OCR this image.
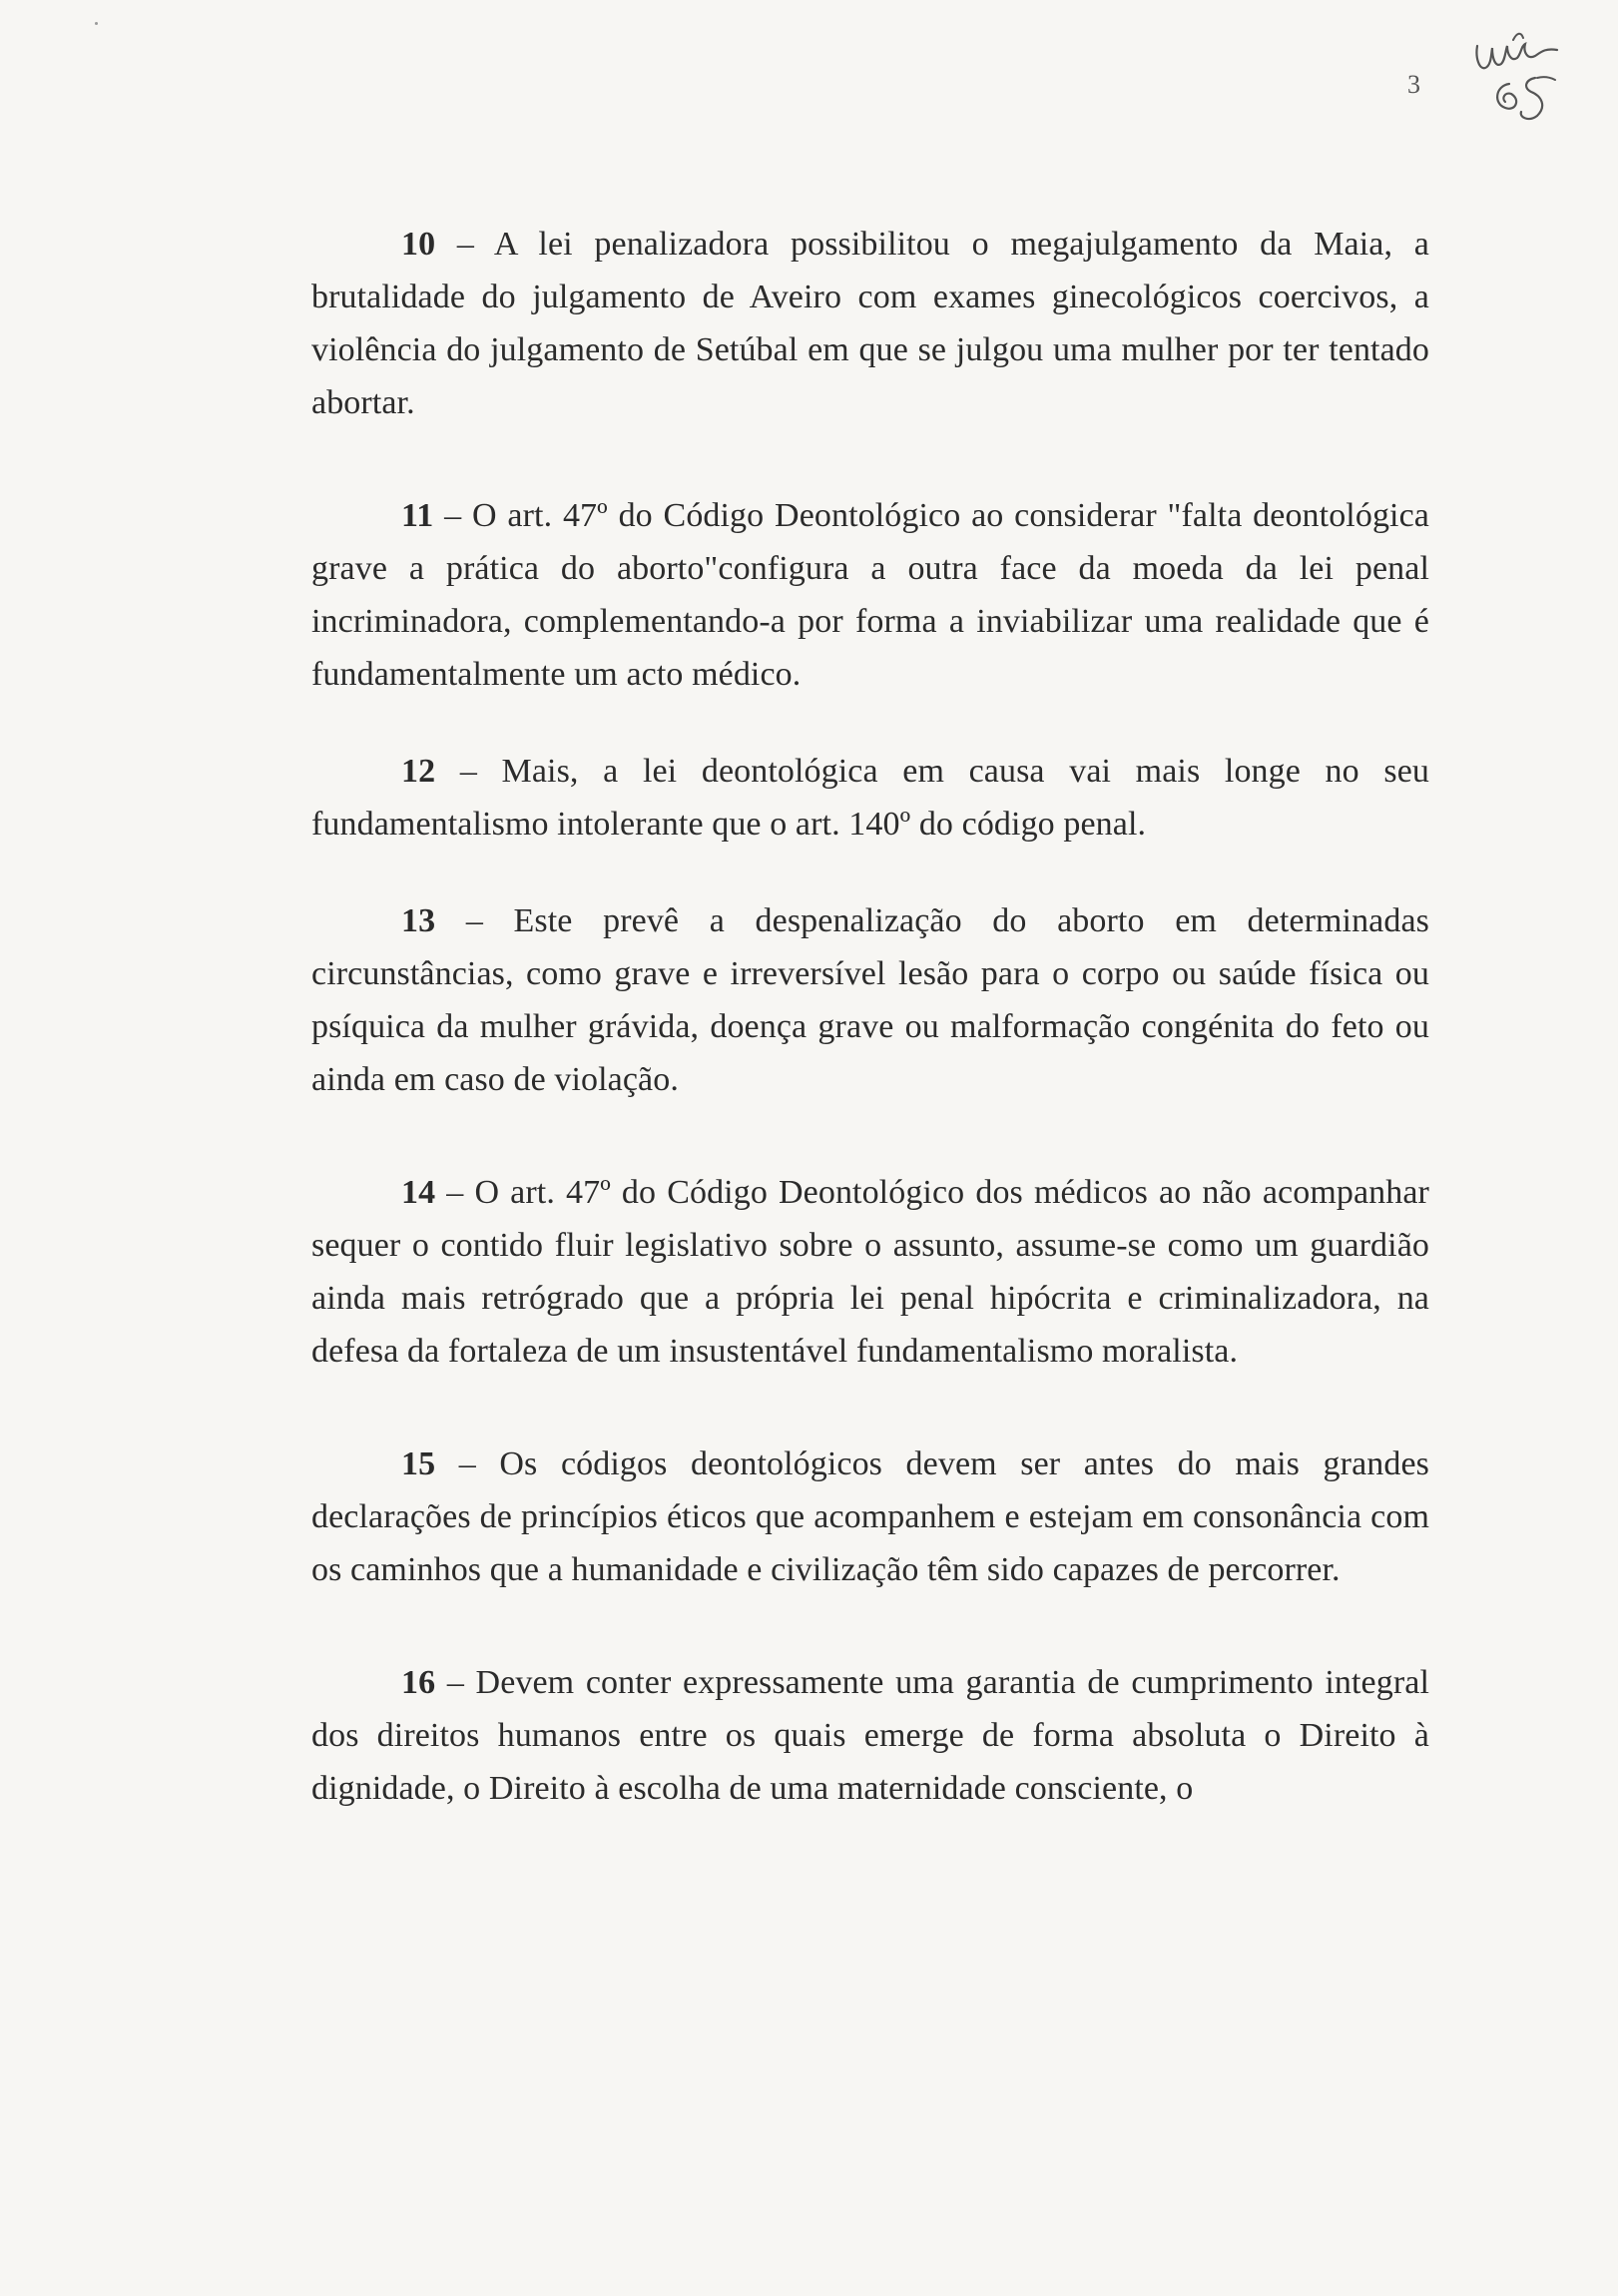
3

10 – A lei penalizadora possibilitou o megajulgamento da Maia, a brutalidade do julgamento de Aveiro com exames ginecológicos coercivos, a violência do julgamento de Setúbal em que se julgou uma mulher por ter tentado abortar.

11 – O art. 47º do Código Deontológico ao considerar "falta deontológica grave a prática do aborto"configura a outra face da moeda da lei penal incriminadora, complementando-a por forma a inviabilizar uma realidade que é fundamentalmente um acto médico.

12 – Mais, a lei deontológica em causa vai mais longe no seu fundamentalismo intolerante que o art. 140º do código penal.

13 – Este prevê a despenalização do aborto em determinadas circunstâncias, como grave e irreversível lesão para o corpo ou saúde física ou psíquica da mulher grávida, doença grave ou malformação congénita do feto ou ainda em caso de violação.

14 – O art. 47º do Código Deontológico dos médicos ao não acompanhar sequer o contido fluir legislativo sobre o assunto, assume-se como um guardião ainda mais retrógrado que a própria lei penal hipócrita e criminalizadora, na defesa da fortaleza de um insustentável fundamentalismo moralista.

15 – Os códigos deontológicos devem ser antes do mais grandes declarações de princípios éticos que acompanhem e estejam em consonância com os caminhos que a humanidade e civilização têm sido capazes de percorrer.

16 – Devem conter expressamente uma garantia de cumprimento integral dos direitos humanos entre os quais emerge de forma absoluta o Direito à dignidade, o Direito à escolha de uma maternidade consciente, o
